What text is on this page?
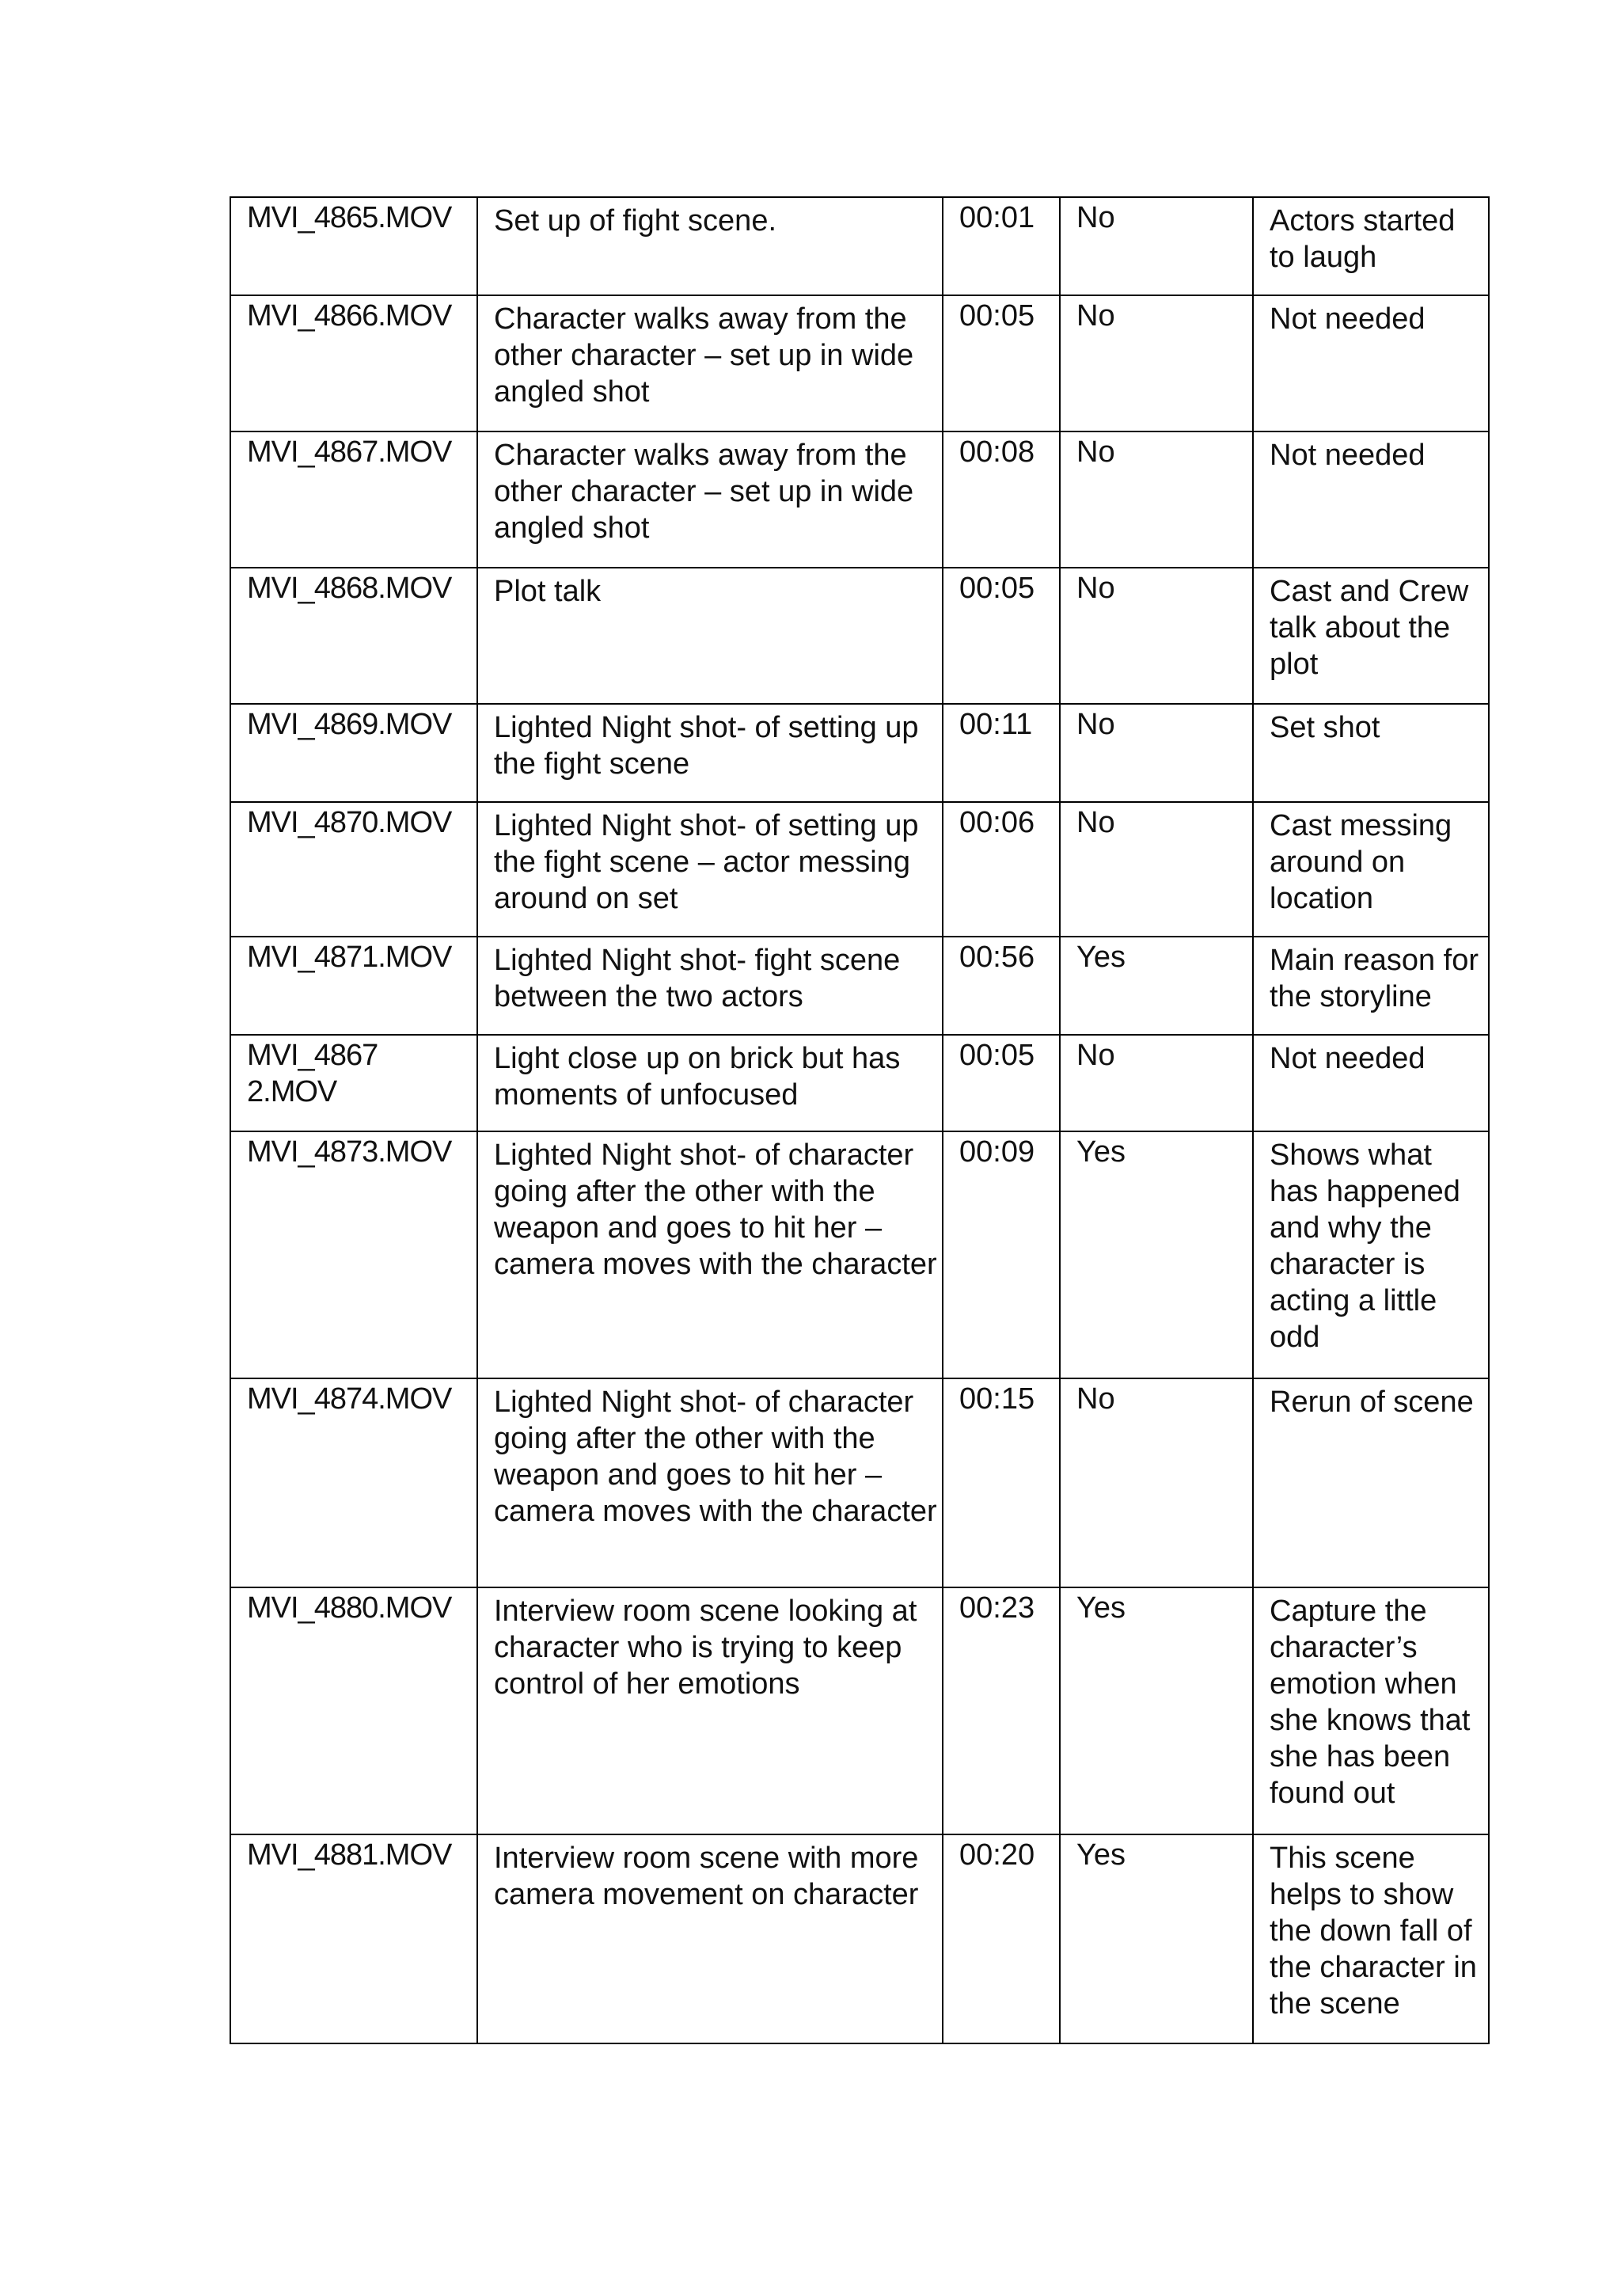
MVI_4865.MOV	Set up of fight scene.	00:01	No	Actors started to laugh

MVI_4866.MOV	Character walks away from the other character – set up in wide angled shot	00:05	No	Not needed

MVI_4867.MOV	Character walks away from the other character – set up in wide angled shot	00:08	No	Not needed

MVI_4868.MOV	Plot talk	00:05	No	Cast and Crew talk about the plot

MVI_4869.MOV	Lighted Night shot- of setting up the fight scene	00:11	No	Set shot

MVI_4870.MOV	Lighted Night shot- of setting up the fight scene – actor messing around on set	00:06	No	Cast messing around on location

MVI_4871.MOV	Lighted Night shot- fight scene between the two actors	00:56	Yes	Main reason for the storyline

MVI_4867 2.MOV	Light close up on brick but has moments of unfocused	00:05	No	Not needed

MVI_4873.MOV	Lighted Night shot- of character going after the other with the weapon and goes to hit her – camera moves with the character	00:09	Yes	Shows what has happened and why the character is acting a little odd

MVI_4874.MOV	Lighted Night shot- of character going after the other with the weapon and goes to hit her – camera moves with the character	00:15	No	Rerun of scene

MVI_4880.MOV	Interview room scene looking at character who is trying to keep control of her emotions	00:23	Yes	Capture the character’s emotion when she knows that she has been found out

MVI_4881.MOV	Interview room scene with more camera movement on character	00:20	Yes	This scene helps to show the down fall of the character in the scene
